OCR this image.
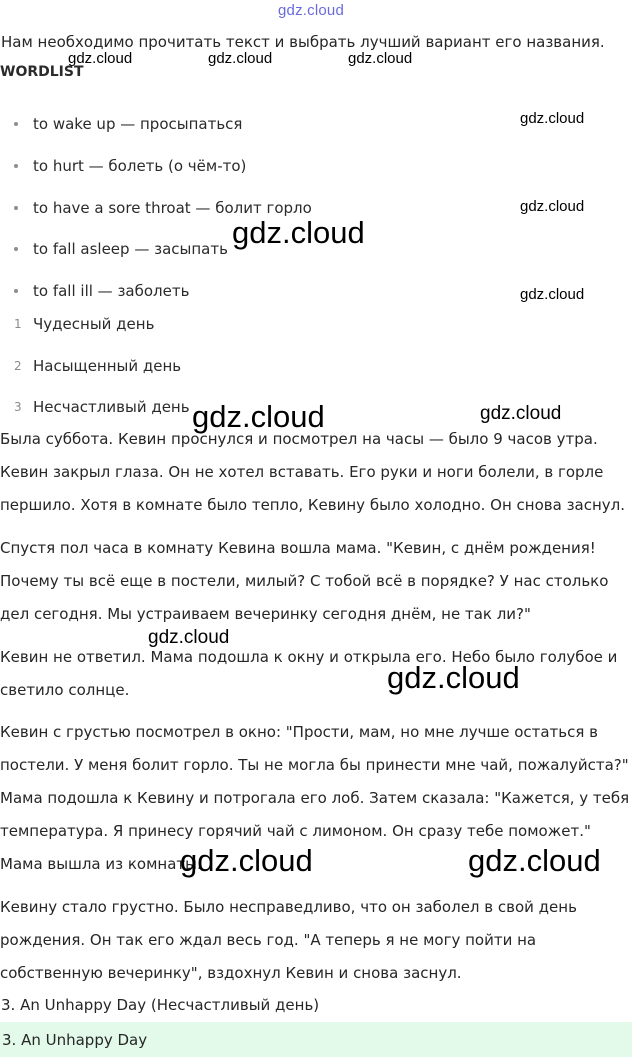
gdz.cloud
Нам необходимо прочитать текст и выбрать лучший вариант его названия.
WORDLIST
to wake up — просыпаться
to hurt — болеть (о чём-то)
to have a sore throat — болит горло
to fall asleep — засыпать
to fall ill — заболеть
1 Чудесный день
2 Насыщенный день
3 Несчастливый день
Была суббота. Кевин проснулся и посмотрел на часы — было 9 часов утра. Кевин закрыл глаза. Он не хотел вставать. Его руки и ноги болели, в горле першило. Хотя в комнате было тепло, Кевину было холодно. Он снова заснул.
Спустя пол часа в комнату Кевина вошла мама. "Кевин, с днём рождения! Почему ты всё еще в постели, милый? С тобой всё в порядке? У нас столько дел сегодня. Мы устраиваем вечеринку сегодня днём, не так ли?"
Кевин не ответил. Мама подошла к окну и открыла его. Небо было голубое и светило солнце.
Кевин с грустью посмотрел в окно: "Прости, мам, но мне лучше остаться в постели. У меня болит горло. Ты не могла бы принести мне чай, пожалуйста?" Мама подошла к Кевину и потрогала его лоб. Затем сказала: "Кажется, у тебя температура. Я принесу горячий чай с лимоном. Он сразу тебе поможет." Мама вышла из комнаты.
Кевину стало грустно. Было несправедливо, что он заболел в свой день рождения. Он так его ждал весь год. "А теперь я не могу пойти на собственную вечеринку", вздохнул Кевин и снова заснул.
3. An Unhappy Day (Несчастливый день)
3. An Unhappy Day
gdz.cloud	gdz.cloud	gdz.cloud
gdz.cloud
gdz.cloud
gdz.cloud
gdz.cloud
gdz.cloud	gdz.cloud
gdz.cloud
gdz.cloud
gdz.cloud	gdz.cloud
